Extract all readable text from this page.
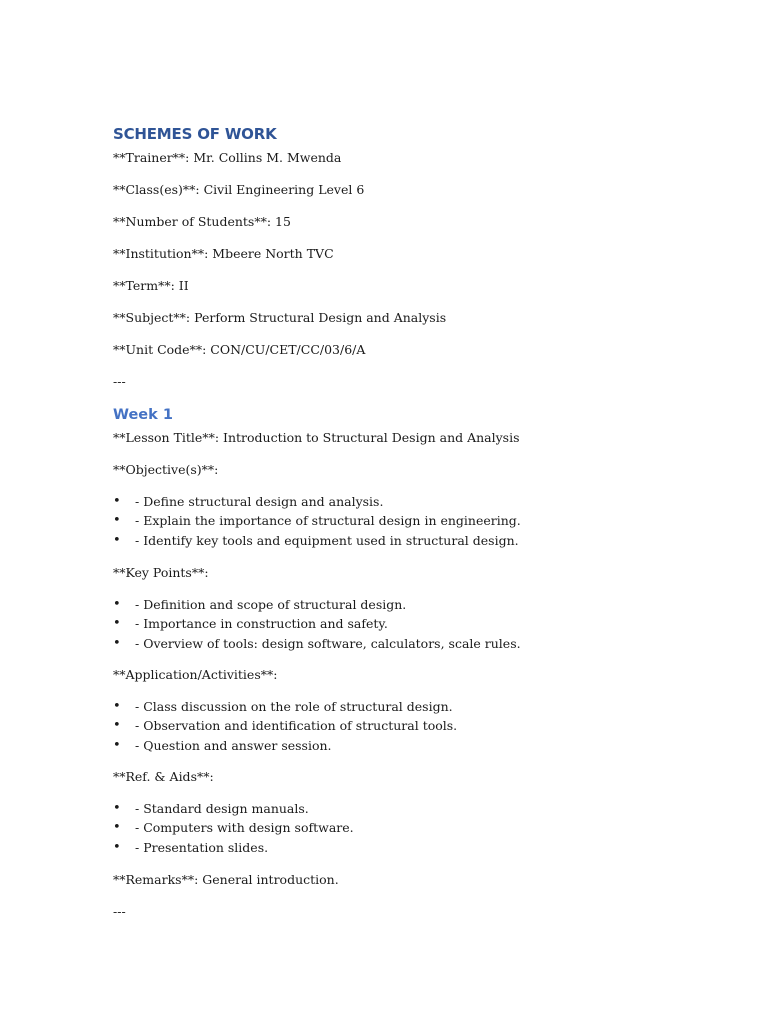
SCHEMES OF WORK
**Trainer**: Mr. Collins M. Mwenda
**Class(es)**: Civil Engineering Level 6
**Number of Students**: 15
**Institution**: Mbeere North TVC
**Term**: II
**Subject**: Perform Structural Design and Analysis
**Unit Code**: CON/CU/CET/CC/03/6/A
---
Week 1
**Lesson Title**: Introduction to Structural Design and Analysis
**Objective(s)**:
• - Define structural design and analysis.
• - Explain the importance of structural design in engineering.
• - Identify key tools and equipment used in structural design.
**Key Points**:
• - Definition and scope of structural design.
• - Importance in construction and safety.
• - Overview of tools: design software, calculators, scale rules.
**Application/Activities**:
• - Class discussion on the role of structural design.
• - Observation and identification of structural tools.
• - Question and answer session.
**Ref. & Aids**:
• - Standard design manuals.
• - Computers with design software.
• - Presentation slides.
**Remarks**: General introduction.
---
